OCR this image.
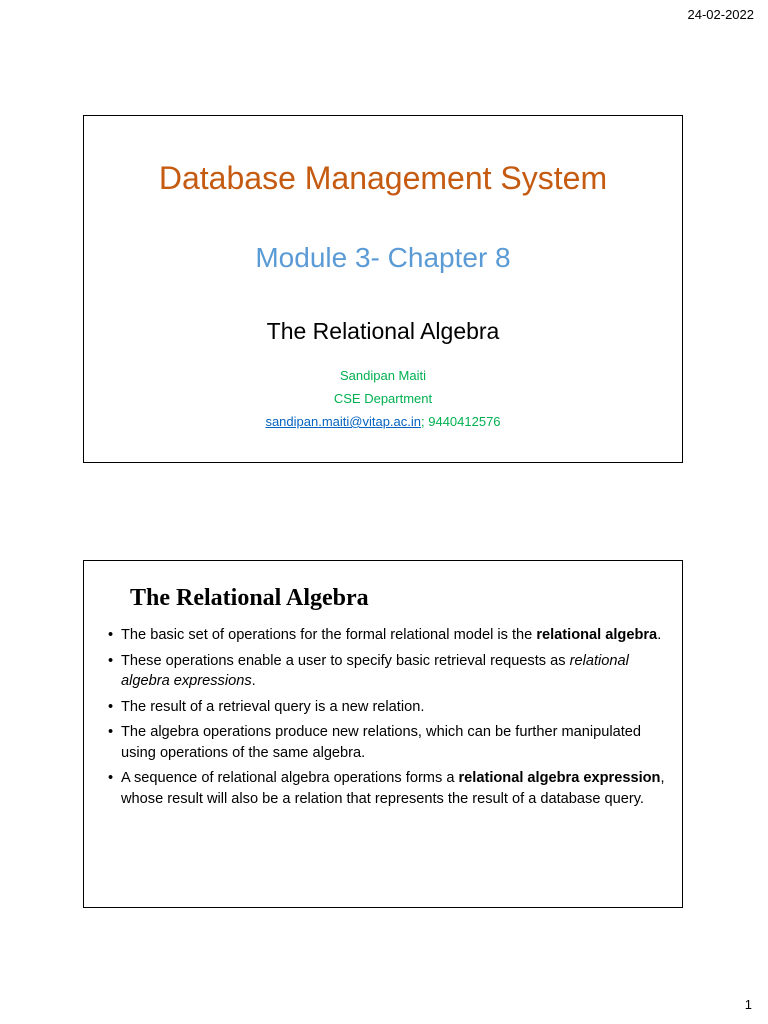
24-02-2022
Database Management System
Module 3- Chapter 8
The Relational Algebra
Sandipan Maiti
CSE Department
sandipan.maiti@vitap.ac.in; 9440412576
The Relational Algebra
• The basic set of operations for the formal relational model is the relational algebra.
• These operations enable a user to specify basic retrieval requests as relational algebra expressions.
• The result of a retrieval query is a new relation.
• The algebra operations produce new relations, which can be further manipulated using operations of the same algebra.
• A sequence of relational algebra operations forms a relational algebra expression, whose result will also be a relation that represents the result of a database query.
1
